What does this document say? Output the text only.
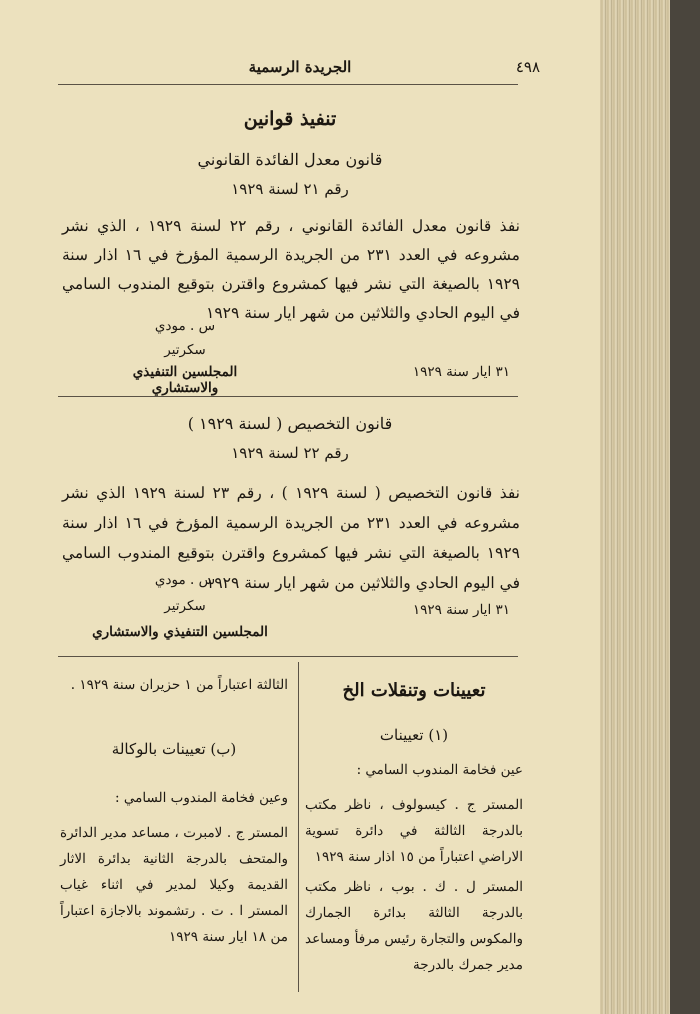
٤٩٨
الجريدة الرسمية
تنفيذ قوانين
قانون معدل الفائدة القانوني
رقم ٢١ لسنة ١٩٢٩
نفذ قانون معدل الفائدة القانوني ، رقم ٢٢ لسنة ١٩٢٩ ، الذي نشر مشروعه في العدد ٢٣١ من الجريدة الرسمية المؤرخ في ١٦ اذار سنة ١٩٢٩ بالصيغة التي نشر فيها كمشروع واقترن بتوقيع المندوب السامي في اليوم الحادي والثلاثين من شهر ايار سنة ١٩٢٩
س . مودي
سكرتير
المجلسين التنفيذي والاستشاري
٣١ ايار سنة ١٩٢٩
قانون التخصيص ( لسنة ١٩٢٩ )
رقم ٢٢ لسنة ١٩٢٩
نفذ قانون التخصيص ( لسنة ١٩٢٩ ) ، رقم ٢٣ لسنة ١٩٢٩ الذي نشر مشروعه في العدد ٢٣١ من الجريدة الرسمية المؤرخ في ١٦ اذار سنة ١٩٢٩ بالصيغة التي نشر فيها كمشروع واقترن بتوقيع المندوب السامي في اليوم الحادي والثلاثين من شهر ايار سنة ١٩٢٩
س . مودي
سكرتير	٣١ ايار سنة ١٩٢٩
المجلسين التنفيذي والاستشاري
تعيينات وتنقلات الخ
(١) تعيينات
عين فخامة المندوب السامي :
المستر ج . كيسولوف ، ناظر مكتب بالدرجة الثالثة في دائرة تسوية الاراضي اعتباراً من ١٥ اذار سنة ١٩٢٩
المستر ل . ك . بوب ، ناظر مكتب بالدرجة الثالثة بدائرة الجمارك والمكوس والتجارة رئيس مرفأ ومساعد مدير جمرك بالدرجة
الثالثة اعتباراً من ١ حزيران سنة ١٩٢٩ .
(ب) تعيينات بالوكالة
وعين فخامة المندوب السامي :
المستر ج . لامبرت ، مساعد مدير الدائرة والمتحف بالدرجة الثانية بدائرة الاثار القديمة وكيلا لمدير في اثناء غياب المستر ا . ت . رتشموند بالاجازة اعتباراً من ١٨ ايار سنة ١٩٢٩
